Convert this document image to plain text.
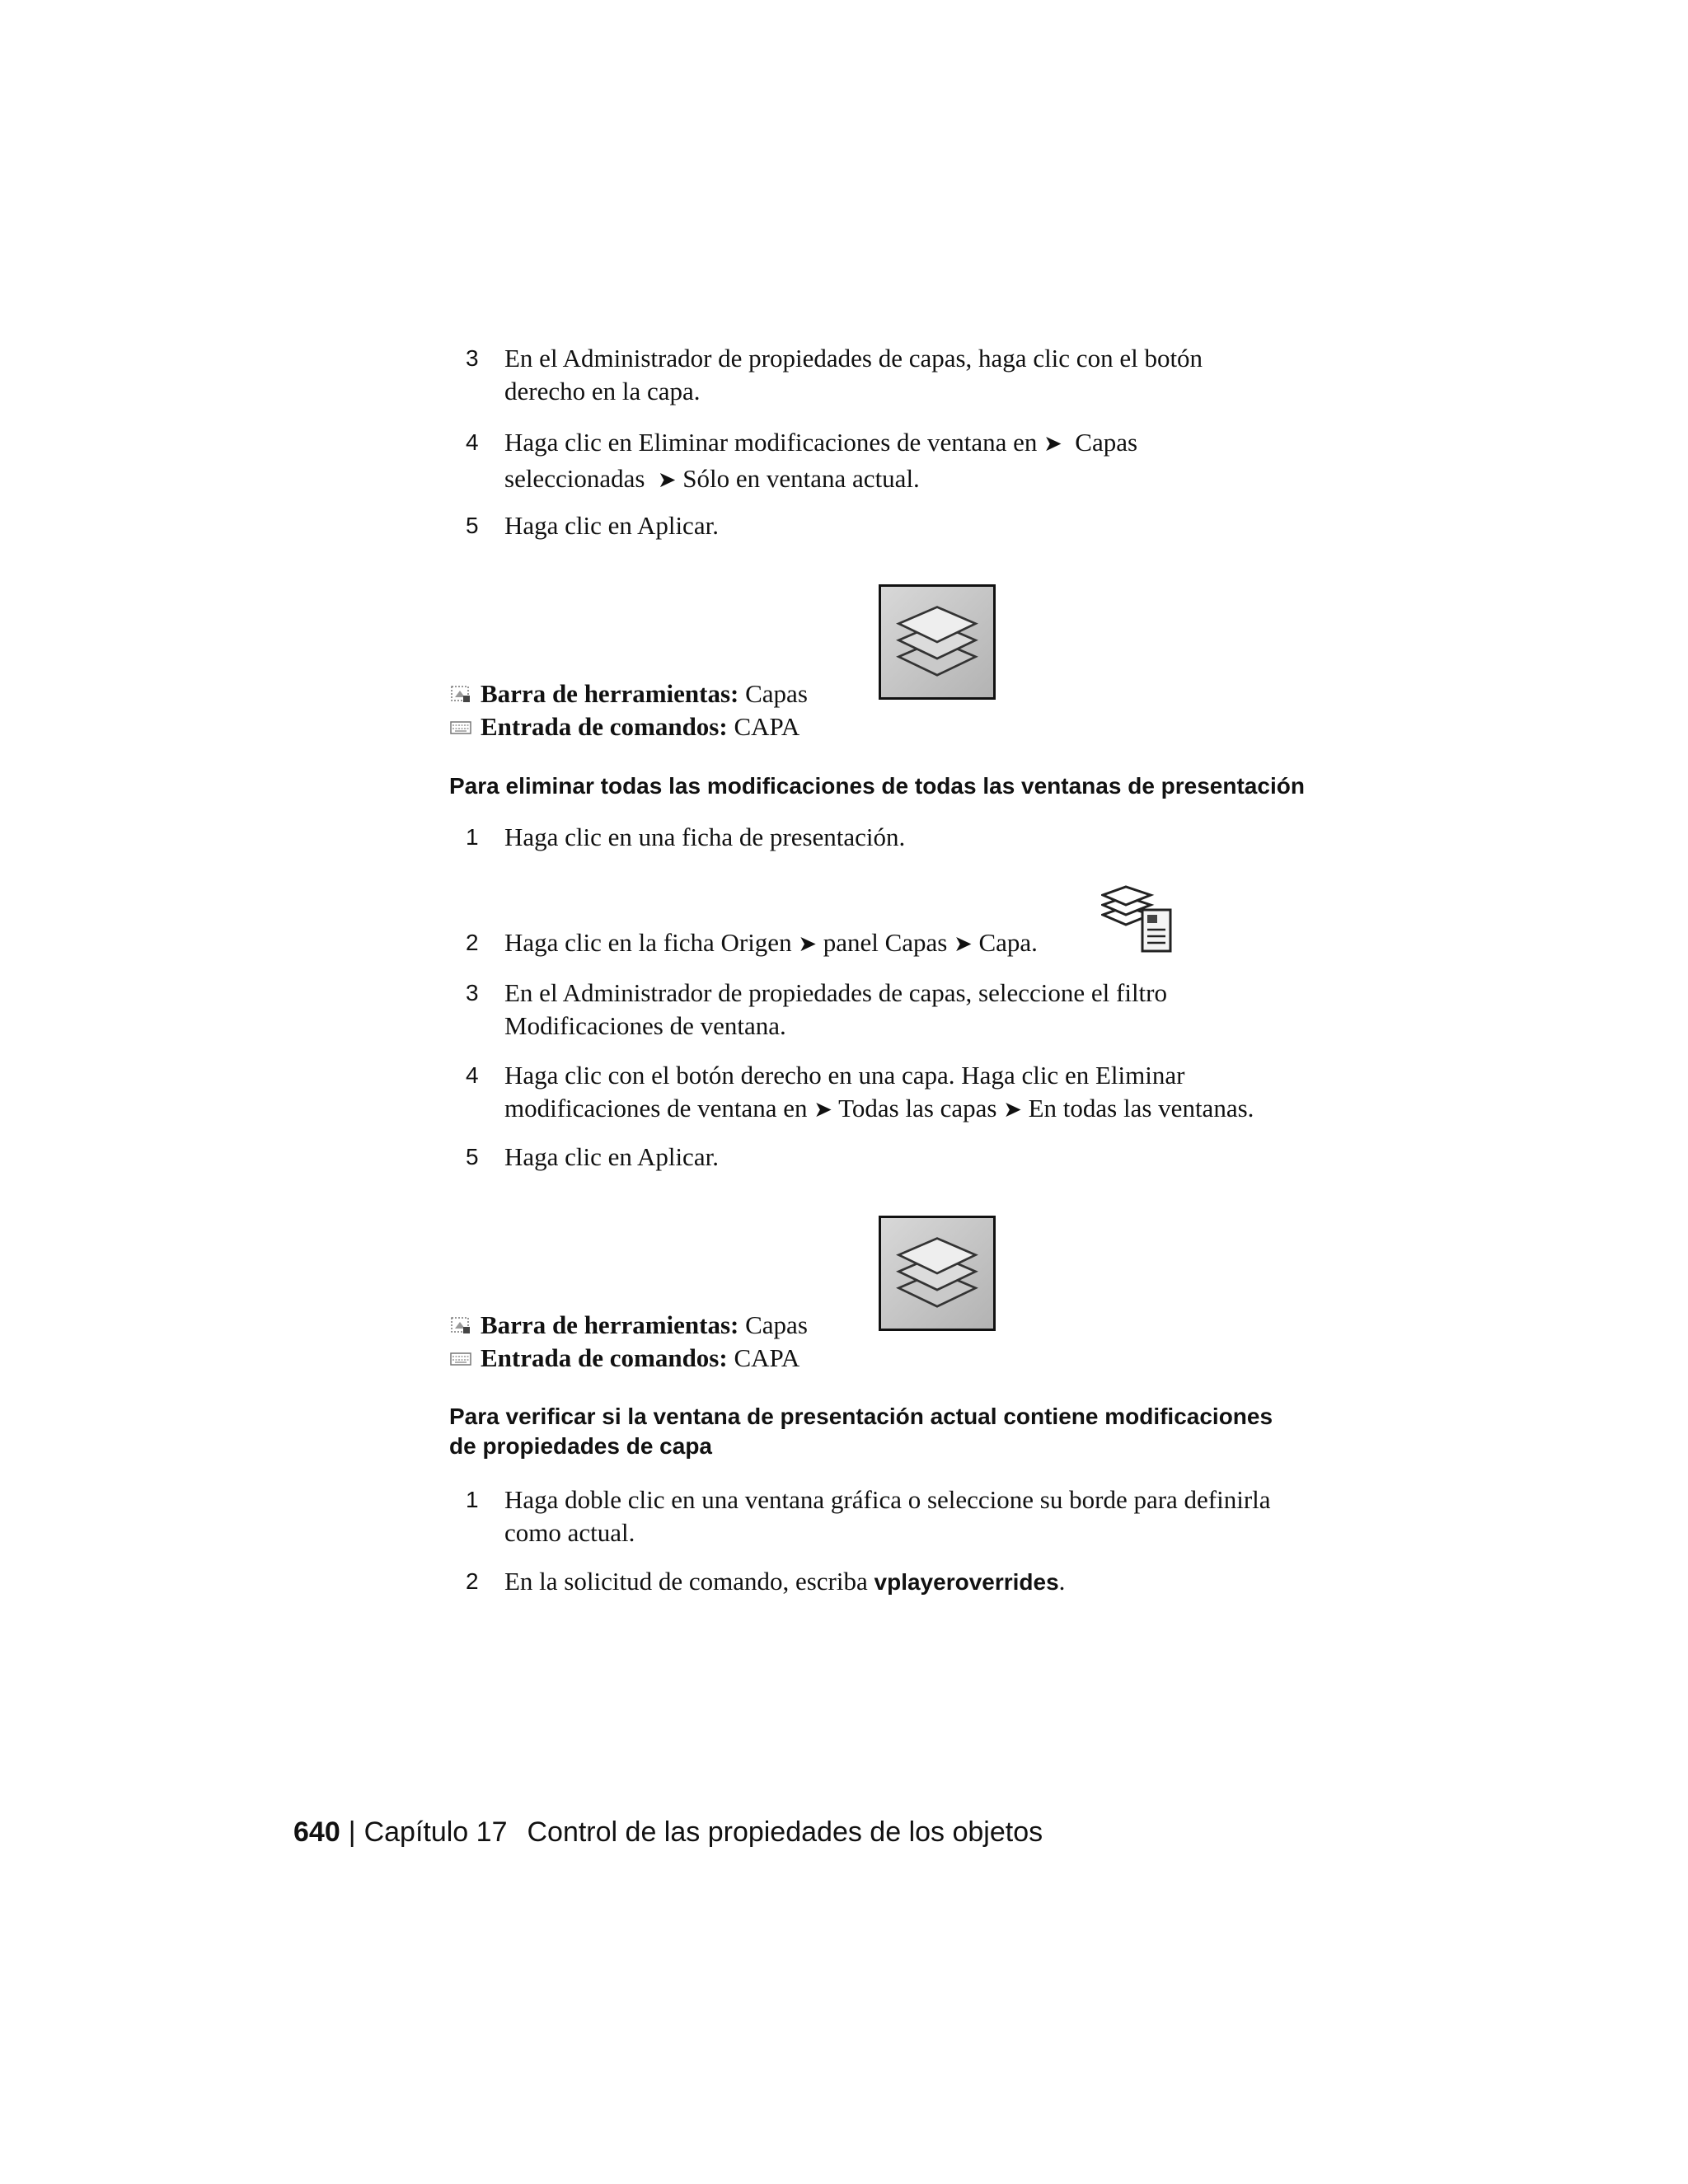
3	En el Administrador de propiedades de capas, haga clic con el botón
derecho en la capa.
4	Haga clic en Eliminar modificaciones de ventana en ➤ Capas
seleccionadas ➤ Sólo en ventana actual.
5	Haga clic en Aplicar.
Barra de herramientas: Capas
Entrada de comandos: CAPA
Para eliminar todas las modificaciones de todas las ventanas de presentación
1	Haga clic en una ficha de presentación.
2	Haga clic en la ficha Origen ➤ panel Capas ➤ Capa.
3	En el Administrador de propiedades de capas, seleccione el filtro
Modificaciones de ventana.
4	Haga clic con el botón derecho en una capa. Haga clic en Eliminar
modificaciones de ventana en ➤ Todas las capas ➤ En todas las ventanas.
5	Haga clic en Aplicar.
Barra de herramientas: Capas
Entrada de comandos: CAPA
Para verificar si la ventana de presentación actual contiene modificaciones
de propiedades de capa
1	Haga doble clic en una ventana gráfica o seleccione su borde para definirla
como actual.
2	En la solicitud de comando, escriba vplayeroverrides.
640 | Capítulo 17 Control de las propiedades de los objetos
